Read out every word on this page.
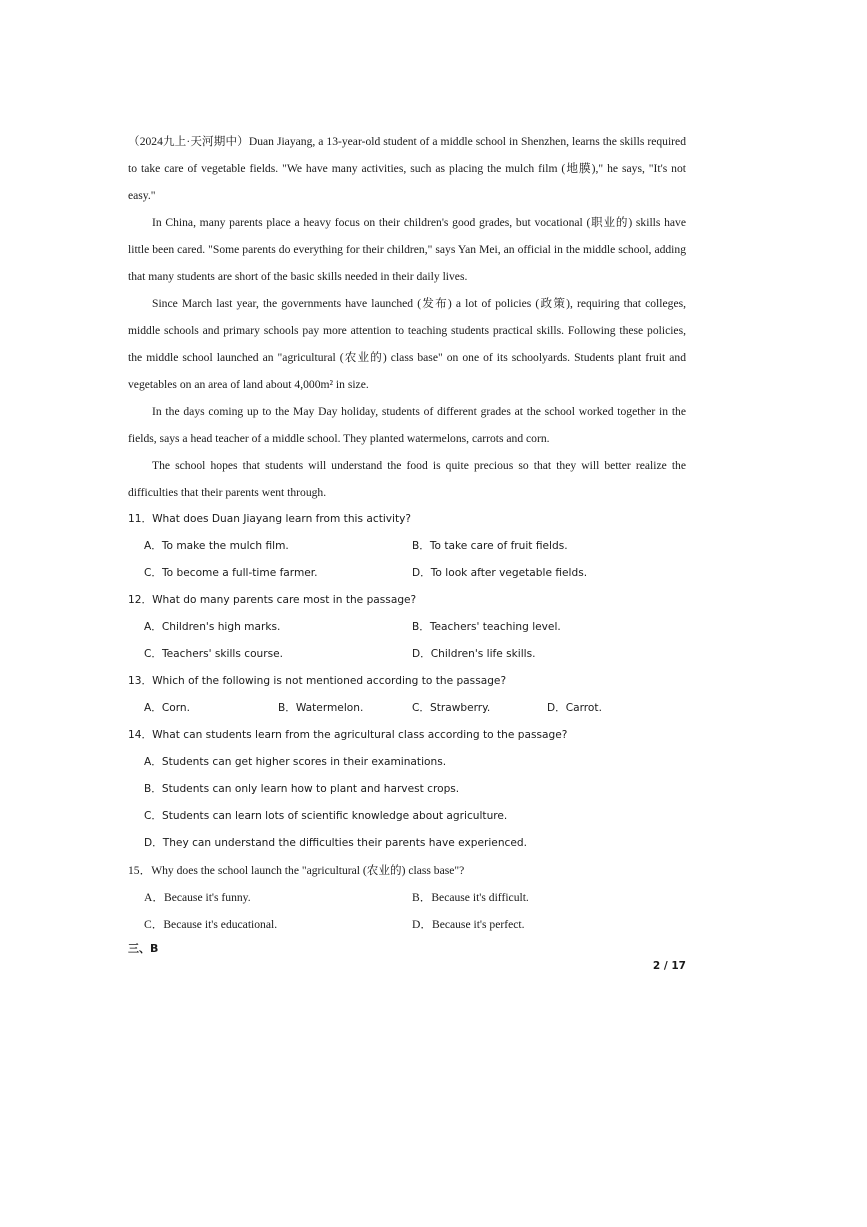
（2024九上·天河期中）Duan Jiayang, a 13-year-old student of a middle school in Shenzhen, learns the skills required to take care of vegetable fields. "We have many activities, such as placing the mulch film (地膜)," he says, "It's not easy."

In China, many parents place a heavy focus on their children's good grades, but vocational (职业的) skills have little been cared. "Some parents do everything for their children," says Yan Mei, an official in the middle school, adding that many students are short of the basic skills needed in their daily lives.

Since March last year, the governments have launched (发布) a lot of policies (政策), requiring that colleges, middle schools and primary schools pay more attention to teaching students practical skills. Following these policies, the middle school launched an "agricultural (农业的) class base" on one of its schoolyards. Students plant fruit and vegetables on an area of land about 4,000m² in size.

In the days coming up to the May Day holiday, students of different grades at the school worked together in the fields, says a head teacher of a middle school. They planted watermelons, carrots and corn.

The school hopes that students will understand the food is quite precious so that they will better realize the difficulties that their parents went through.

11．What does Duan Jiayang learn from this activity?
A．To make the mulch film.	B．To take care of fruit fields.
C．To become a full-time farmer.	D．To look after vegetable fields.
12．What do many parents care most in the passage?
A．Children's high marks.	B．Teachers' teaching level.
C．Teachers' skills course.	D．Children's life skills.
13．Which of the following is not mentioned according to the passage?
A．Corn.	B．Watermelon.	C．Strawberry.	D．Carrot.
14．What can students learn from the agricultural class according to the passage?
A．Students can get higher scores in their examinations.
B．Students can only learn how to plant and harvest crops.
C．Students can learn lots of scientific knowledge about agriculture.
D．They can understand the difficulties their parents have experienced.
15．Why does the school launch the "agricultural (农业的) class base"?
A．Because it's funny.	B．Because it's difficult.
C．Because it's educational.	D．Because it's perfect.
三、B
2 / 17
